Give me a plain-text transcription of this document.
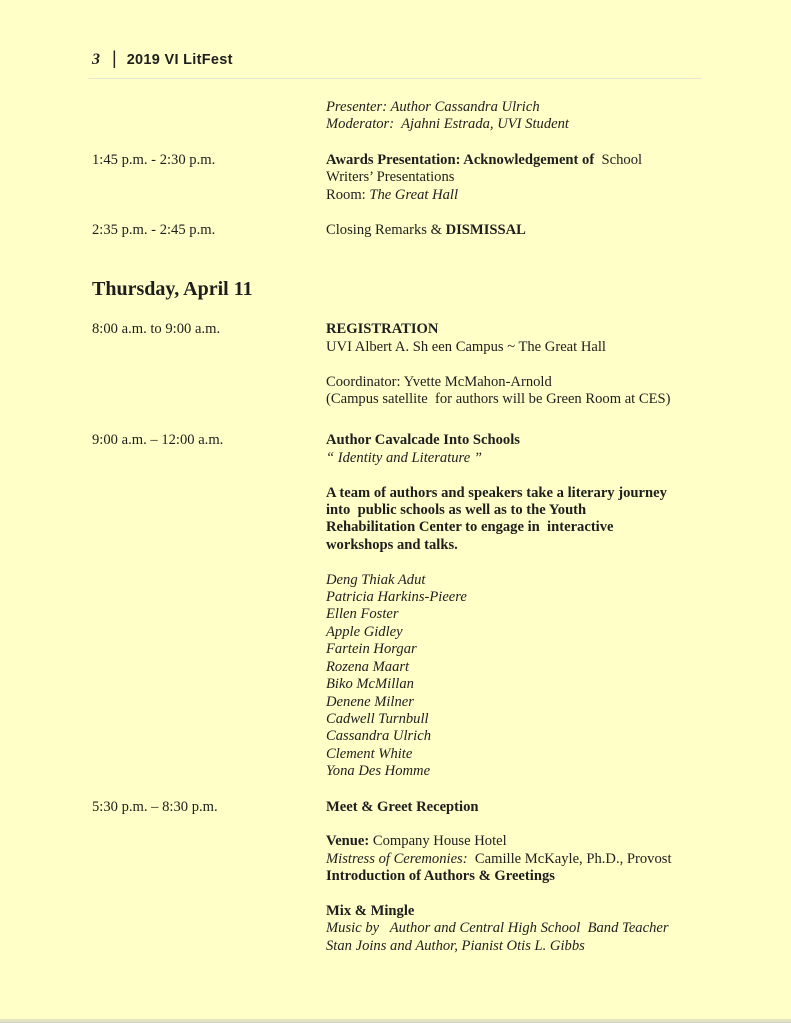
3 | 2019 VI LitFest
Presenter: Author Cassandra Ulrich
Moderator:  Ajahni Estrada, UVI Student
1:45 p.m. - 2:30 p.m.	Awards Presentation: Acknowledgement of  School
Writers’ Presentations
Room: The Great Hall
2:35 p.m. - 2:45 p.m.	Closing Remarks & DISMISSAL
Thursday, April 11
8:00 a.m. to 9:00 a.m.	REGISTRATION
UVI Albert A. Sh een Campus ~ The Great Hall
Coordinator: Yvette McMahon-Arnold
(Campus satellite  for authors will be Green Room at CES)
9:00 a.m. – 12:00 a.m.	Author Cavalcade Into Schools
“ Identity and Literature ”
A team of authors and speakers take a literary journey
into  public schools as well as to the Youth
Rehabilitation Center to engage in  interactive
workshops and talks.
Deng Thiak Adut
Patricia Harkins-Pieere
Ellen Foster
Apple Gidley
Fartein Horgar
Rozena Maart
Biko McMillan
Denene Milner
Cadwell Turnbull
Cassandra Ulrich
Clement White
Yona Des Homme
5:30 p.m. – 8:30 p.m.	Meet & Greet Reception
Venue: Company House Hotel
Mistress of Ceremonies:  Camille McKayle, Ph.D., Provost
Introduction of Authors & Greetings
Mix & Mingle
Music by   Author and Central High School  Band Teacher
Stan Joins and Author, Pianist Otis L. Gibbs
